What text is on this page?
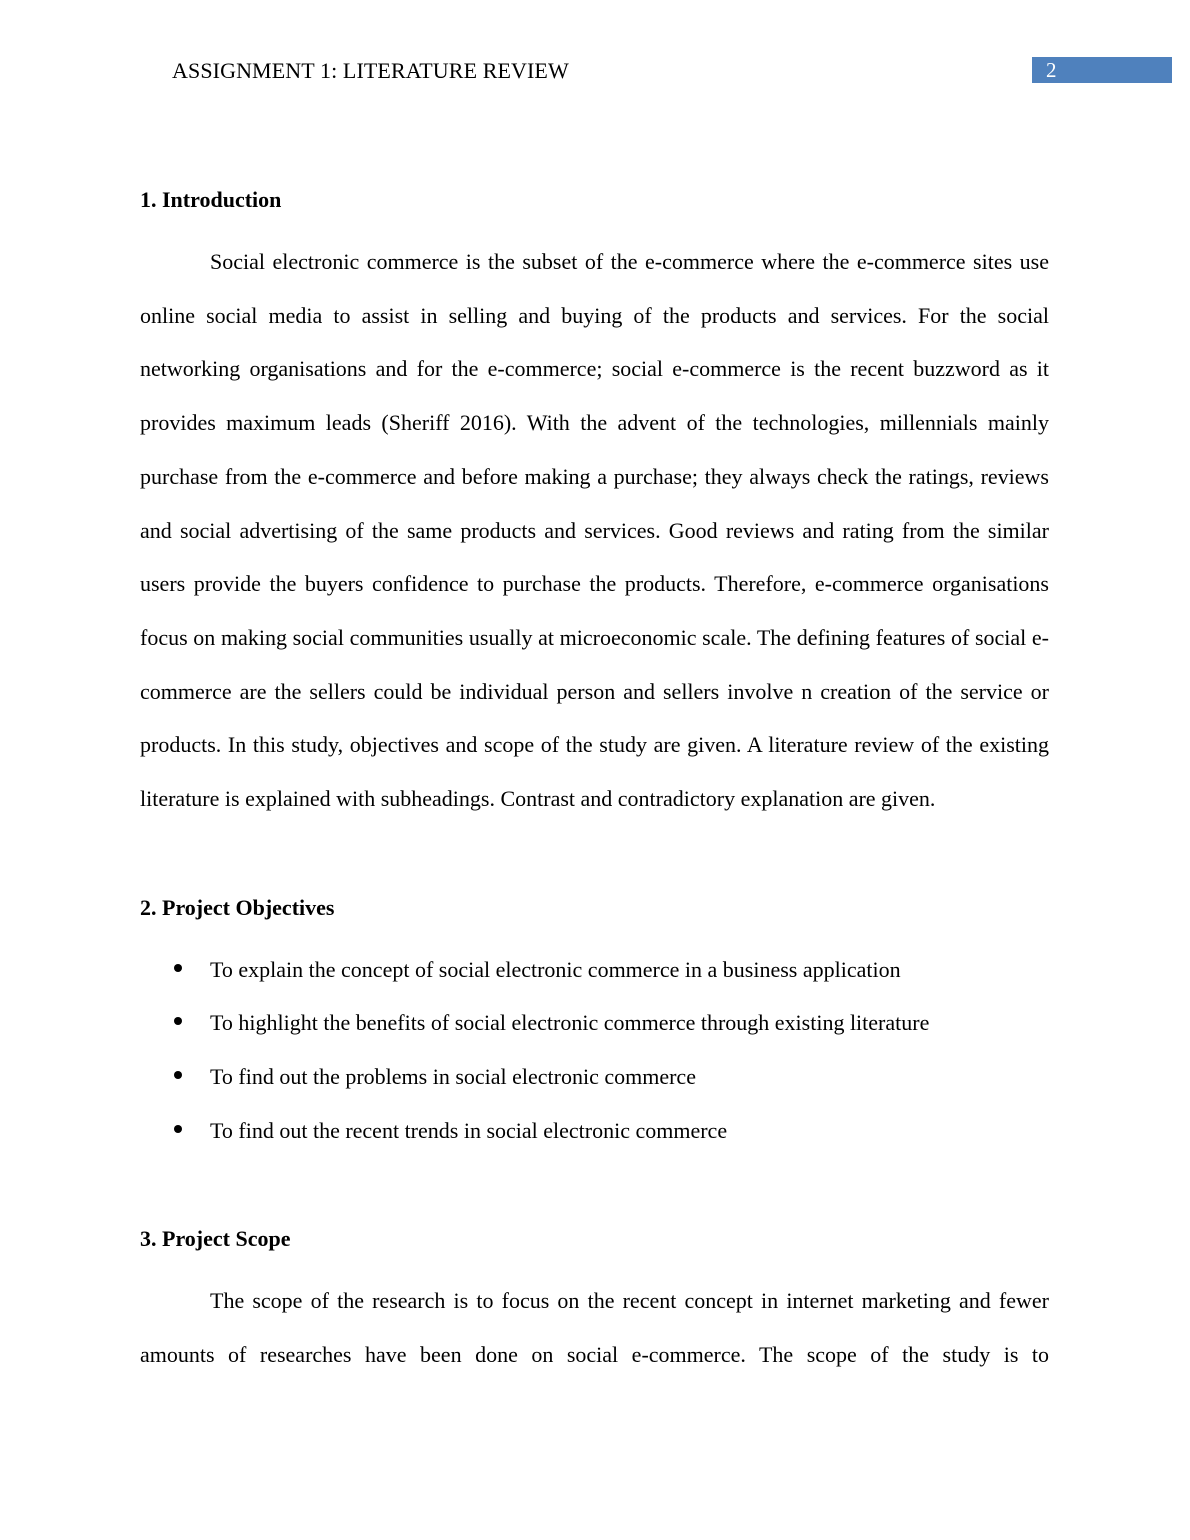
ASSIGNMENT 1: LITERATURE REVIEW	2
1. Introduction

Social electronic commerce is the subset of the e-commerce where the e-commerce sites use online social media to assist in selling and buying of the products and services. For the social networking organisations and for the e-commerce; social e-commerce is the recent buzzword as it provides maximum leads (Sheriff 2016). With the advent of the technologies, millennials mainly purchase from the e-commerce and before making a purchase; they always check the ratings, reviews and social advertising of the same products and services. Good reviews and rating from the similar users provide the buyers confidence to purchase the products. Therefore, e-commerce organisations focus on making social communities usually at microeconomic scale. The defining features of social e-commerce are the sellers could be individual person and sellers involve n creation of the service or products. In this study, objectives and scope of the study are given. A literature review of the existing literature is explained with subheadings. Contrast and contradictory explanation are given.

2. Project Objectives
To explain the concept of social electronic commerce in a business application
To highlight the benefits of social electronic commerce through existing literature
To find out the problems in social electronic commerce
To find out the recent trends in social electronic commerce
3. Project Scope

The scope of the research is to focus on the recent concept in internet marketing and fewer amounts of researches have been done on social e-commerce. The scope of the study is to
